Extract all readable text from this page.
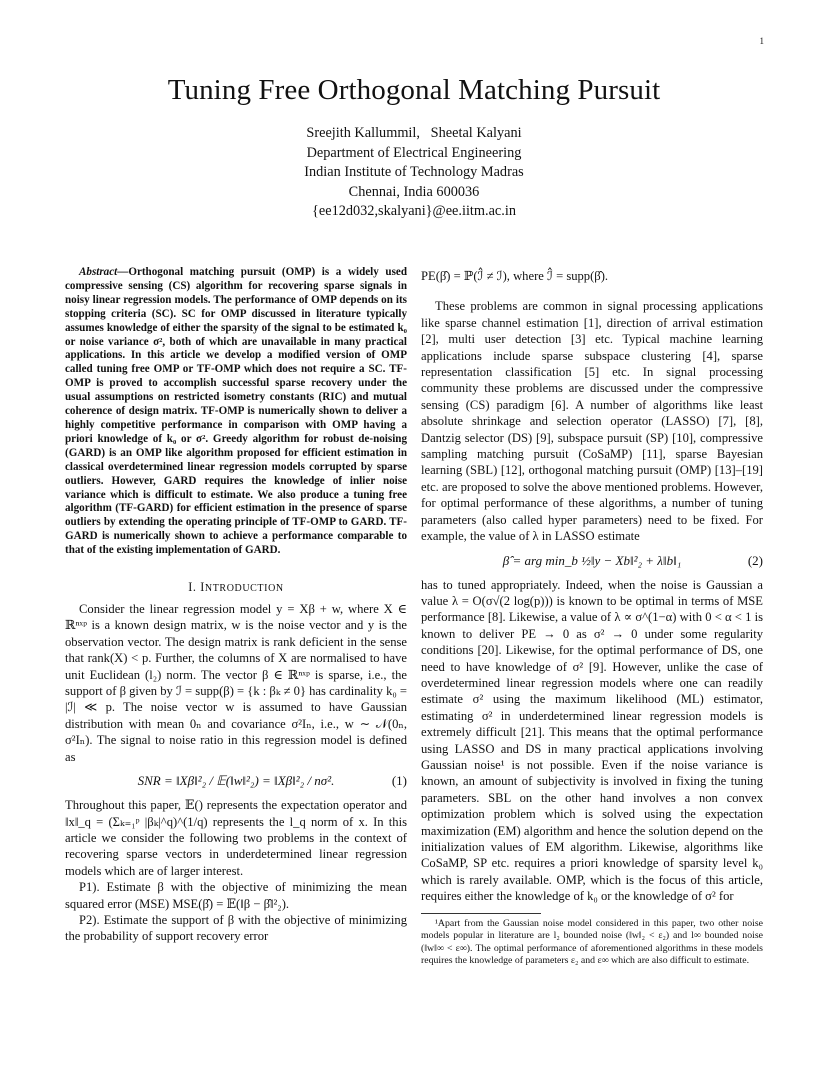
1
Tuning Free Orthogonal Matching Pursuit
Sreejith Kallummil,   Sheetal Kalyani
Department of Electrical Engineering
Indian Institute of Technology Madras
Chennai, India 600036
{ee12d032,skalyani}@ee.iitm.ac.in

Abstract—Orthogonal matching pursuit (OMP) is a widely used compressive sensing (CS) algorithm for recovering sparse signals in noisy linear regression models. The performance of OMP depends on its stopping criteria (SC). SC for OMP discussed in literature typically assumes knowledge of either the sparsity of the signal to be estimated k₀ or noise variance σ², both of which are unavailable in many practical applications. In this article we develop a modified version of OMP called tuning free OMP or TF-OMP which does not require a SC. TF-OMP is proved to accomplish successful sparse recovery under the usual assumptions on restricted isometry constants (RIC) and mutual coherence of design matrix. TF-OMP is numerically shown to deliver a highly competitive performance in comparison with OMP having a priori knowledge of k₀ or σ². Greedy algorithm for robust de-noising (GARD) is an OMP like algorithm proposed for efficient estimation in classical overdetermined linear regression models corrupted by sparse outliers. However, GARD requires the knowledge of inlier noise variance which is difficult to estimate. We also produce a tuning free algorithm (TF-GARD) for efficient estimation in the presence of sparse outliers by extending the operating principle of TF-OMP to GARD. TF-GARD is numerically shown to achieve a performance comparable to that of the existing implementation of GARD.

I. INTRODUCTION

Consider the linear regression model y = Xβ + w, where X ∈ ℝⁿˣᵖ is a known design matrix, w is the noise vector and y is the observation vector. The design matrix is rank deficient in the sense that rank(X) < p. Further, the columns of X are normalised to have unit Euclidean (l₂) norm. The vector β ∈ ℝⁿˣᵖ is sparse, i.e., the support of β given by ℐ = supp(β) = {k : βₖ ≠ 0} has cardinality k₀ = |ℐ| ≪ p. The noise vector w is assumed to have Gaussian distribution with mean 0ₙ and covariance σ²Iₙ, i.e., w ∼ 𝒩(0ₙ, σ²Iₙ). The signal to noise ratio in this regression model is defined as

SNR = ‖Xβ‖²₂ / 𝔼(‖w‖²₂) = ‖Xβ‖²₂ / nσ².	(1)

Throughout this paper, 𝔼() represents the expectation operator and ‖x‖_q = (Σₖ₌₁ᵖ |βₖ|^q)^(1/q) represents the l_q norm of x. In this article we consider the following two problems in the context of recovering sparse vectors in underdetermined linear regression models which are of larger interest.

P1). Estimate β with the objective of minimizing the mean squared error (MSE) MSE(β̂) = 𝔼(‖β − β̂‖²₂).

P2). Estimate the support of β with the objective of minimizing the probability of support recovery error

PE(β̂) = ℙ(ℐ̂ ≠ ℐ), where ℐ̂ = supp(β̂).

These problems are common in signal processing applications like sparse channel estimation [1], direction of arrival estimation [2], multi user detection [3] etc. Typical machine learning applications include sparse subspace clustering [4], sparse representation classification [5] etc. In signal processing community these problems are discussed under the compressive sensing (CS) paradigm [6]. A number of algorithms like least absolute shrinkage and selection operator (LASSO) [7], [8], Dantzig selector (DS) [9], subspace pursuit (SP) [10], compressive sampling matching pursuit (CoSaMP) [11], sparse Bayesian learning (SBL) [12], orthogonal matching pursuit (OMP) [13]–[19] etc. are proposed to solve the above mentioned problems. However, for optimal performance of these algorithms, a number of tuning parameters (also called hyper parameters) need to be fixed. For example, the value of λ in LASSO estimate

β̂ = arg min_b ½‖y − Xb‖²₂ + λ‖b‖₁	(2)

has to tuned appropriately. Indeed, when the noise is Gaussian a value λ = O(σ√(2 log(p))) is known to be optimal in terms of MSE performance [8]. Likewise, a value of λ ∝ σ^(1−α) with 0 < α < 1 is known to deliver PE → 0 as σ² → 0 under some regularity conditions [20]. Likewise, for the optimal performance of DS, one need to have knowledge of σ² [9]. However, unlike the case of overdetermined linear regression models where one can readily estimate σ² using the maximum likelihood (ML) estimator, estimating σ² in underdetermined linear regression models is extremely difficult [21]. This means that the optimal performance using LASSO and DS in many practical applications involving Gaussian noise¹ is not possible. Even if the noise variance is known, an amount of subjectivity is involved in fixing the tuning parameters. SBL on the other hand involves a non convex optimization problem which is solved using the expectation maximization (EM) algorithm and hence the solution depend on the initialization values of EM algorithm. Likewise, algorithms like CoSaMP, SP etc. requires a priori knowledge of sparsity level k₀ which is rarely available. OMP, which is the focus of this article, requires either the knowledge of k₀ or the knowledge of σ² for

¹Apart from the Gaussian noise model considered in this paper, two other noise models popular in literature are l₂ bounded noise (‖w‖₂ < ε₂) and l∞ bounded noise (‖w‖∞ < ε∞). The optimal performance of aforementioned algorithms in these models requires the knowledge of parameters ε₂ and ε∞ which are also difficult to estimate.
